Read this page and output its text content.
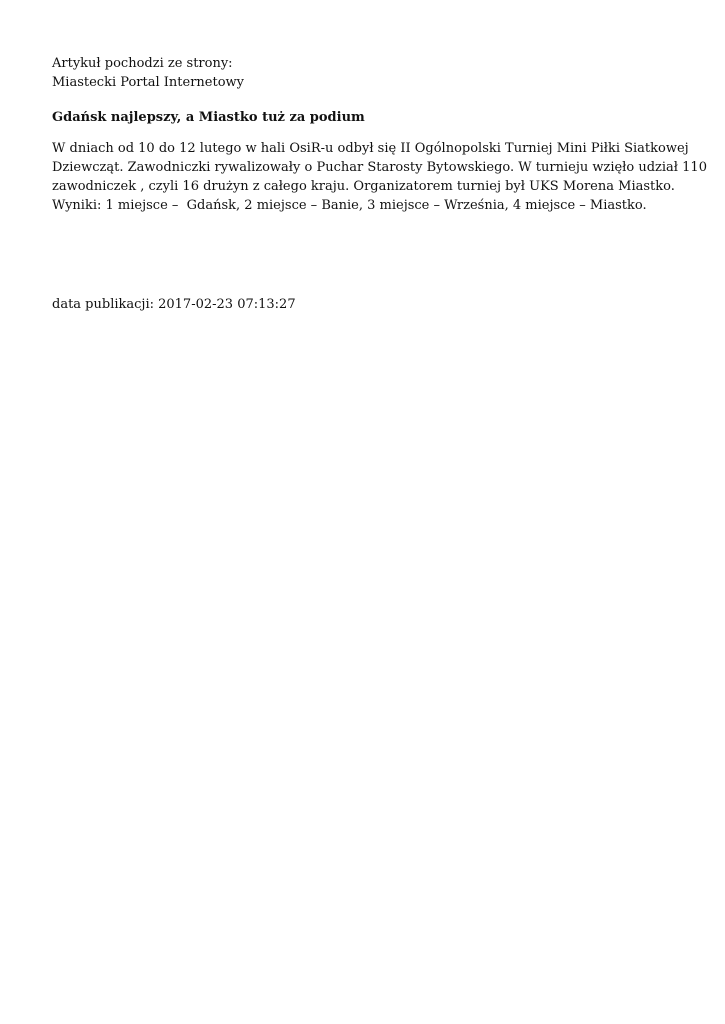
Artykuł pochodzi ze strony:
Miastecki Portal Internetowy
Gdańsk najlepszy, a Miastko tuż za podium
W dniach od 10 do 12 lutego w hali OsiR-u odbył się II Ogólnopolski Turniej Mini Piłki Siatkowej
Dziewcząt. Zawodniczki rywalizowały o Puchar Starosty Bytowskiego. W turnieju wzięło udział 110
zawodniczek , czyli 16 drużyn z całego kraju. Organizatorem turniej był UKS Morena Miastko.
Wyniki: 1 miejsce –  Gdańsk, 2 miejsce – Banie, 3 miejsce – Września, 4 miejsce – Miastko.
data publikacji: 2017-02-23 07:13:27
